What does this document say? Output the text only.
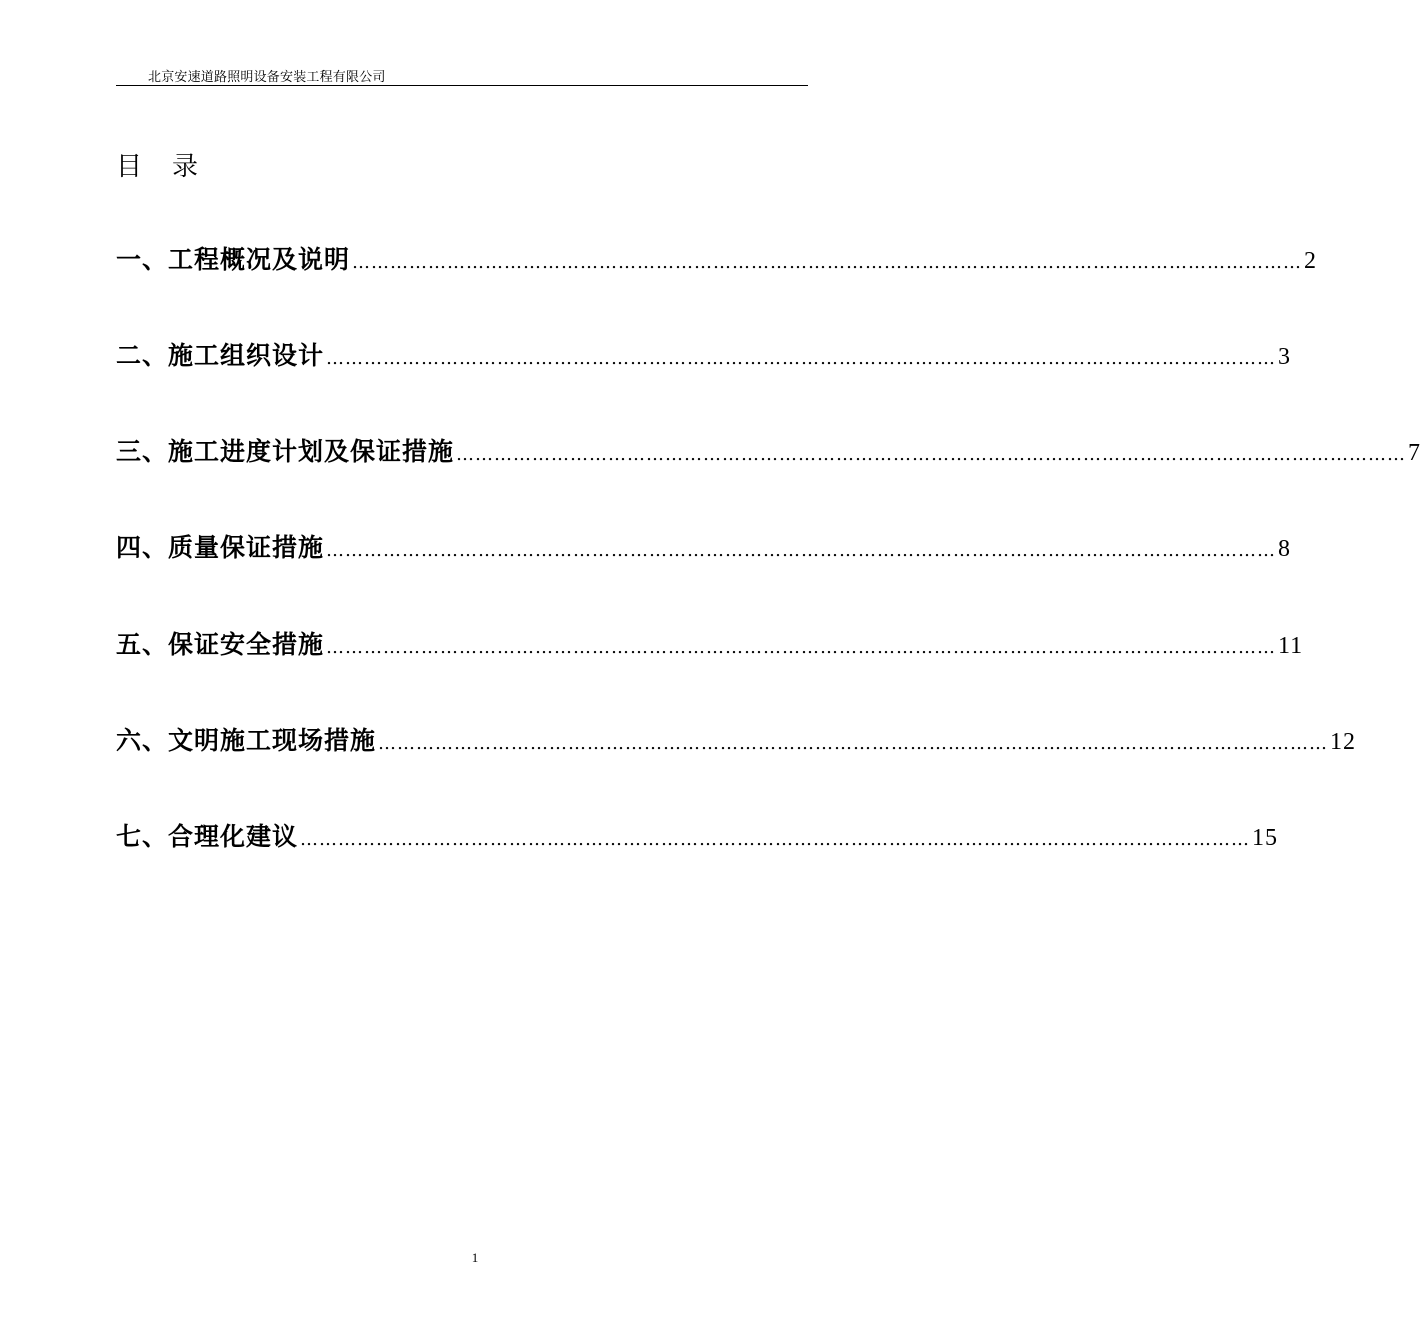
北京安速道路照明设备安装工程有限公司
目 录
一、工程概况及说明 …………………………………………………………………………………………………………………………………… 2
二、施工组织设计 …………………………………………………………………………………………………………………………………… 3
三、施工进度计划及保证措施 …………………………………………………………………………………………………………………………………… 7
四、质量保证措施 …………………………………………………………………………………………………………………………………… 8
五、保证安全措施 …………………………………………………………………………………………………………………………………… 11
六、文明施工现场措施 …………………………………………………………………………………………………………………………………… 12
七、合理化建议 …………………………………………………………………………………………………………………………………… 15
1
